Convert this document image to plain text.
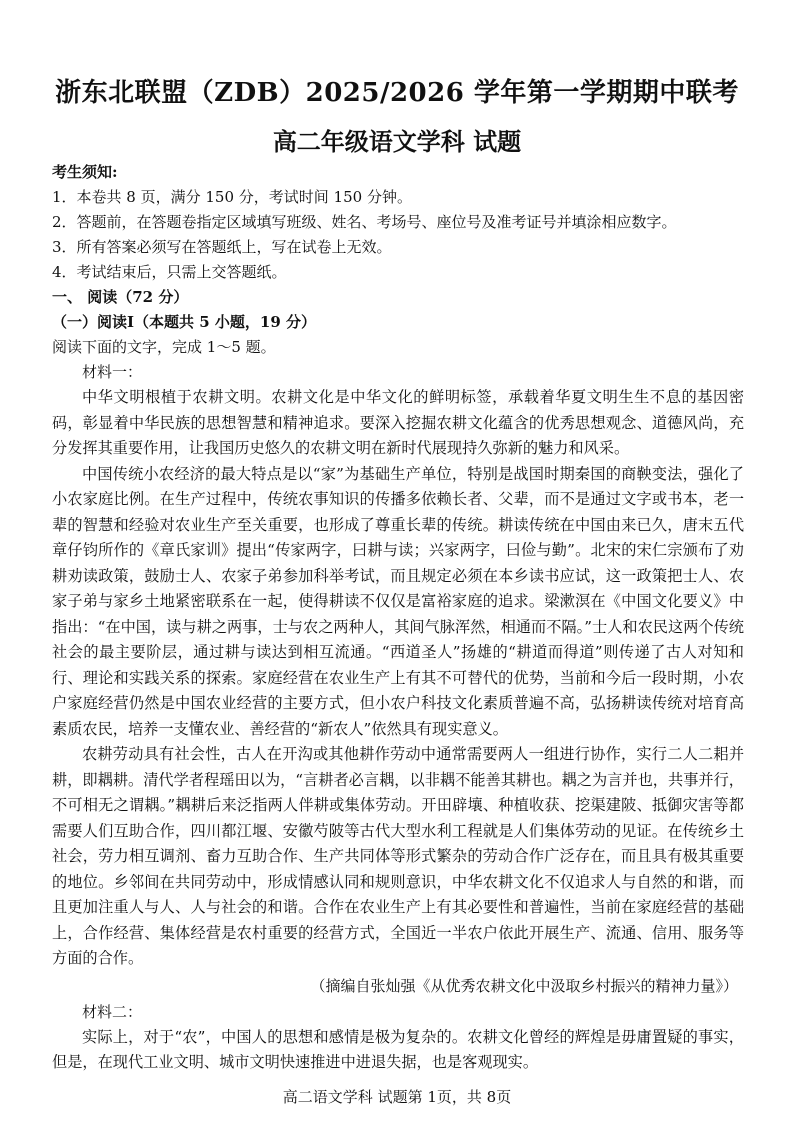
浙东北联盟（ZDB）2025/2026 学年第一学期期中联考
高二年级语文学科 试题
考生须知:
1．本卷共 8 页，满分 150 分，考试时间 150 分钟。
2．答题前，在答题卷指定区域填写班级、姓名、考场号、座位号及准考证号并填涂相应数字。
3．所有答案必须写在答题纸上，写在试卷上无效。
4．考试结束后，只需上交答题纸。
一、 阅读（72 分）
（一）阅读Ⅰ（本题共 5 小题，19 分）
阅读下面的文字，完成 1～5 题。
材料一：

中华文明根植于农耕文明。农耕文化是中华文化的鲜明标签，承载着华夏文明生生不息的基因密码，彰显着中华民族的思想智慧和精神追求。要深入挖掘农耕文化蕴含的优秀思想观念、道德风尚，充分发挥其重要作用，让我国历史悠久的农耕文明在新时代展现持久弥新的魅力和风采。

中国传统小农经济的最大特点是以“家”为基础生产单位，特别是战国时期秦国的商鞅变法，强化了小农家庭比例。在生产过程中，传统农事知识的传播多依赖长者、父辈，而不是通过文字或书本，老一辈的智慧和经验对农业生产至关重要，也形成了尊重长辈的传统。耕读传统在中国由来已久，唐末五代章仔钧所作的《章氏家训》提出“传家两字，曰耕与读；兴家两字，曰俭与勤”。北宋的宋仁宗颁布了劝耕劝读政策，鼓励士人、农家子弟参加科举考试，而且规定必须在本乡读书应试，这一政策把士人、农家子弟与家乡土地紧密联系在一起，使得耕读不仅仅是富裕家庭的追求。梁漱溟在《中国文化要义》中指出：“在中国，读与耕之两事，士与农之两种人，其间气脉浑然，相通而不隔。”士人和农民这两个传统社会的最主要阶层，通过耕与读达到相互流通。“西道圣人”扬雄的“耕道而得道”则传递了古人对知和行、理论和实践关系的探索。家庭经营在农业生产上有其不可替代的优势，当前和今后一段时期，小农户家庭经营仍然是中国农业经营的主要方式，但小农户科技文化素质普遍不高，弘扬耕读传统对培育高素质农民，培养一支懂农业、善经营的“新农人”依然具有现实意义。

农耕劳动具有社会性，古人在开沟或其他耕作劳动中通常需要两人一组进行协作，实行二人二耜并耕，即耦耕。清代学者程瑶田以为，“言耕者必言耦，以非耦不能善其耕也。耦之为言并也，共事并行，不可相无之谓耦。”耦耕后来泛指两人伴耕或集体劳动。开田辟壤、种植收获、挖渠建陂、抵御灾害等都需要人们互助合作，四川都江堰、安徽芍陂等古代大型水利工程就是人们集体劳动的见证。在传统乡土社会，劳力相互调剂、畜力互助合作、生产共同体等形式繁杂的劳动合作广泛存在，而且具有极其重要的地位。乡邻间在共同劳动中，形成情感认同和规则意识，中华农耕文化不仅追求人与自然的和谐，而且更加注重人与人、人与社会的和谐。合作在农业生产上有其必要性和普遍性，当前在家庭经营的基础上，合作经营、集体经营是农村重要的经营方式，全国近一半农户依此开展生产、流通、信用、服务等方面的合作。

（摘编自张灿强《从优秀农耕文化中汲取乡村振兴的精神力量》）
材料二：

实际上，对于“农”，中国人的思想和感情是极为复杂的。农耕文化曾经的辉煌是毋庸置疑的事实，但是，在现代工业文明、城市文明快速推进中进退失据，也是客观现实。

高二语文学科 试题第 1页，共 8页
